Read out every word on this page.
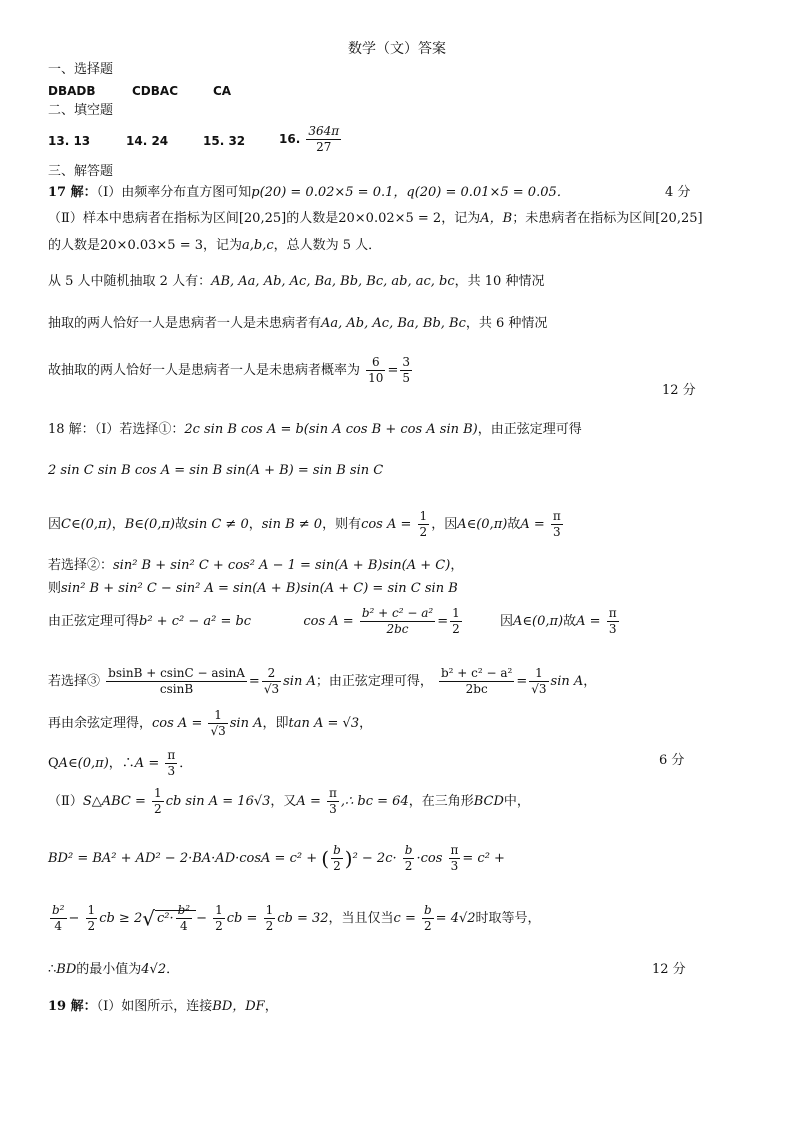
数学（文）答案
一、选择题
DBADB	CDBAC	CA
二、填空题
13. 13	14. 24	15. 32	16. $\frac{364\pi}{27}$
三、解答题
17 解：（Ⅰ）由频率分布直方图可知p(20) = 0.02×5 = 0.1，q(20) = 0.01×5 = 0.05．	4 分
（Ⅱ）样本中患病者在指标为区间[20,25]的人数是20×0.02×5 = 2，记为A，B；未患病者在指标为区间[20,25]
的人数是20×0.03×5 = 3，记为a,b,c，总人数为 5 人．
从 5 人中随机抽取 2 人有：AB, Aa, Ab, Ac, Ba, Bb, Bc, ab, ac, bc，共 10 种情况
抽取的两人恰好一人是患病者一人是未患病者有Aa, Ab, Ac, Ba, Bb, Bc，共 6 种情况
故抽取的两人恰好一人是患病者一人是未患病者概率为 $\frac{6}{10} = \frac{3}{5}$
12 分
18 解：（Ⅰ）若选择①：2c sin B cos A = b(sin A cos B + cos A sin B)，由正弦定理可得
2 sin C sin B cos A = sin B sin(A + B) = sin B sin C
因C∈(0,π)，B∈(0,π)故sin C ≠ 0，sin B ≠ 0，则有$\cos A = \frac{1}{2}$ ，因A∈(0,π)故$A = \frac{\pi}{3}$
若选择②：sin² B + sin² C + cos² A − 1 = sin(A + B)sin(A + C)，
则sin² B + sin² C − sin² A = sin(A + B)sin(A + C) = sin C sin B
由正弦定理可得b² + c² − a² = bc	$\cos A = \frac{\text{b² + c² − a²}}{2bc} = \frac{1}{2}$	因A∈(0,π)故$A = \frac{\pi}{3}$
若选择③ $\frac{bsinB + csinC - asinA}{csinB} = \frac{2}{√3}$ sin A；由正弦定理可得， $\frac{\text{b² + c² − a²}}{2bc} = \frac{1}{√3}$ sin A，
再由余弦定理得，$\cos A = \frac{1}{√3}$ sin A，即tan A = √3，
QA∈(0,π)，∴A = $\frac{\pi}{3}$ ．	6 分
（Ⅱ）S△ABC = $\frac{1}{2}$ cb sin A = 16√3，又$A = \frac{\pi}{3}$ ,∴ bc = 64，在三角形BCD中，
BD² = BA² + AD² − 2·BA·AD·cosA = c² + ( $\frac{b}{2} )^2 - 2c\cdot \frac{b}{2} \cdot\cos \frac{\pi}{3} = c^2$ +
$\frac{\text{b²}}{4} - \frac{1}{2}$ cb ≥ 2√ $c^2\cdot \frac{\text{b²}}{4} - \frac{1}{2}$ cb = $\frac{1}{2}$ cb = 32，当且仅当$c = \frac{b}{2} = 4√2$时取等号，
∴BD的最小值为4√2．	12 分
19 解：（Ⅰ）如图所示，连接BD，DF，
